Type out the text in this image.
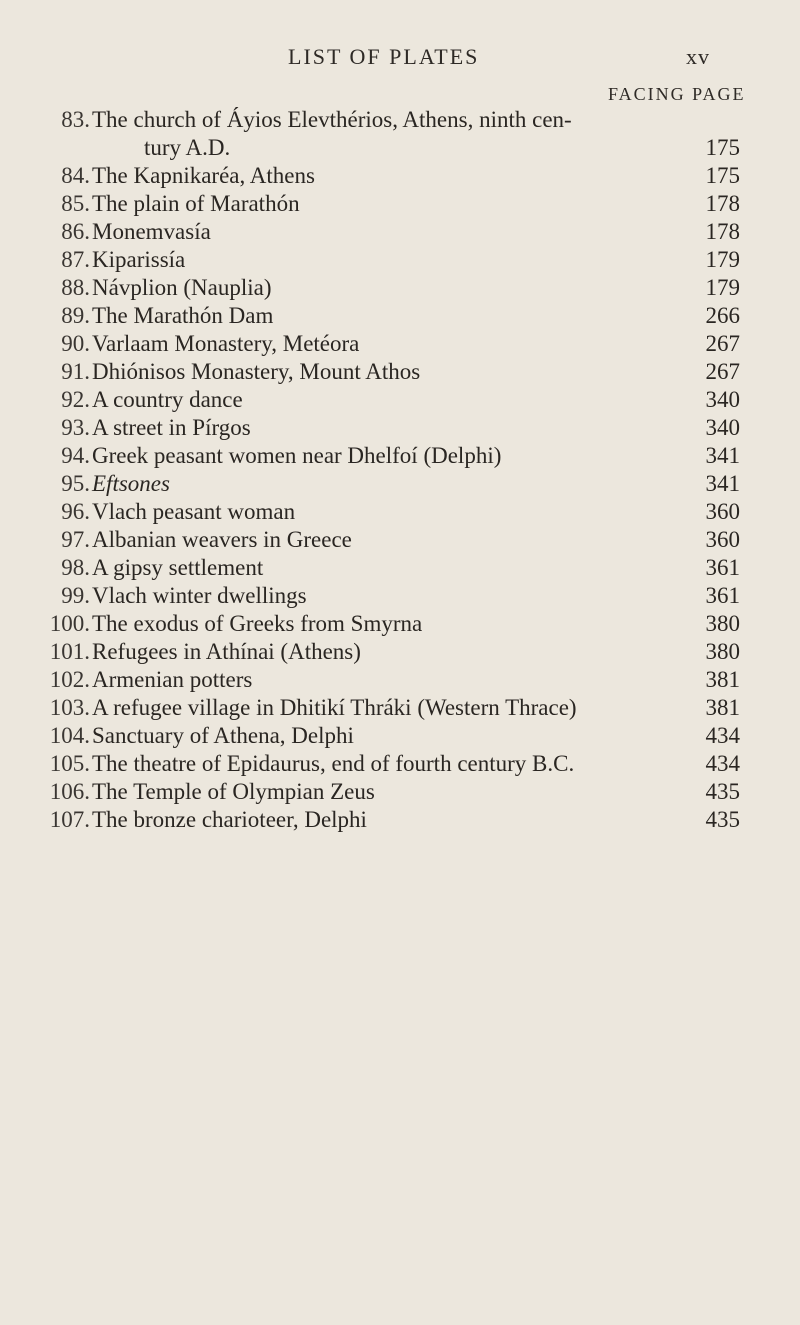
LIST OF PLATES	xv
FACING PAGE
83. The church of Áyios Elevthérios, Athens, ninth cen-
tury A.D.	175
84. The Kapnikaréa, Athens	175
85. The plain of Marathón	178
86. Monemvasía	178
87. Kiparissía	179
88. Návplion (Nauplia)	179
89. The Marathón Dam	266
90. Varlaam Monastery, Metéora	267
91. Dhiónisos Monastery, Mount Athos	267
92. A country dance	340
93. A street in Pírgos	340
94. Greek peasant women near Dhelfoí (Delphi)	341
95. Eftsones	341
96. Vlach peasant woman	360
97. Albanian weavers in Greece	360
98. A gipsy settlement	361
99. Vlach winter dwellings	361
100. The exodus of Greeks from Smyrna	380
101. Refugees in Athínai (Athens)	380
102. Armenian potters	381
103. A refugee village in Dhitikí Thráki (Western Thrace)	381
104. Sanctuary of Athena, Delphi	434
105. The theatre of Epidaurus, end of fourth century B.C.	434
106. The Temple of Olympian Zeus	435
107. The bronze charioteer, Delphi	435
